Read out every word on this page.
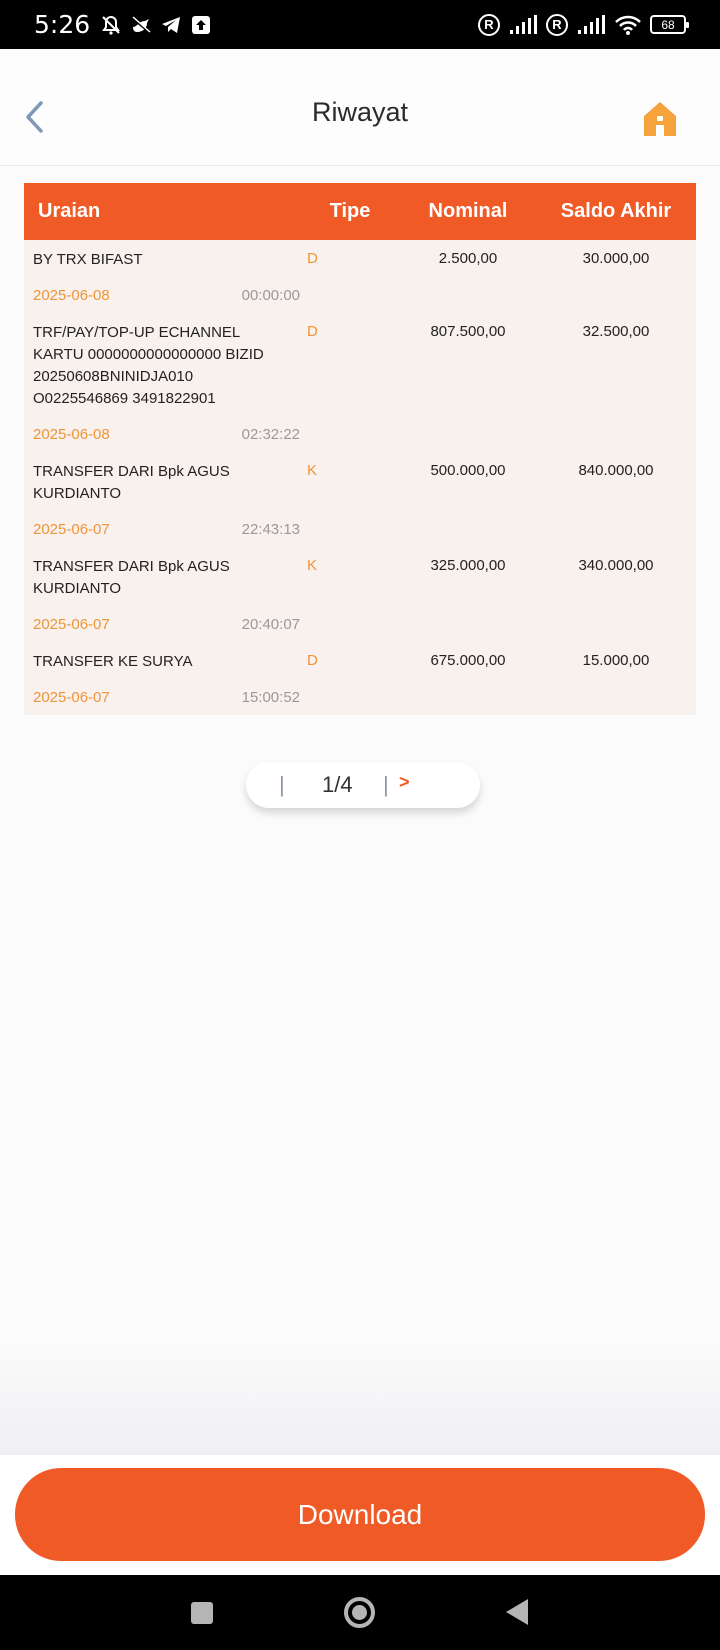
5:26	R	R	68
Riwayat
Uraian	Tipe	Nominal	Saldo Akhir
BY TRX BIFAST
2025-06-08	00:00:00
D	2.500,00	30.000,00
TRF/PAY/TOP-UP ECHANNEL KARTU 0000000000000000 BIZID 20250608BNINIDJA010 O0225546869 3491822901
2025-06-08	02:32:22
D	807.500,00	32.500,00
TRANSFER DARI Bpk AGUS KURDIANTO
2025-06-07	22:43:13
K	500.000,00	840.000,00
TRANSFER DARI Bpk AGUS KURDIANTO
2025-06-07	20:40:07
K	325.000,00	340.000,00
TRANSFER KE SURYA
2025-06-07	15:00:52
D	675.000,00	15.000,00
| 1/4 | >
Download
